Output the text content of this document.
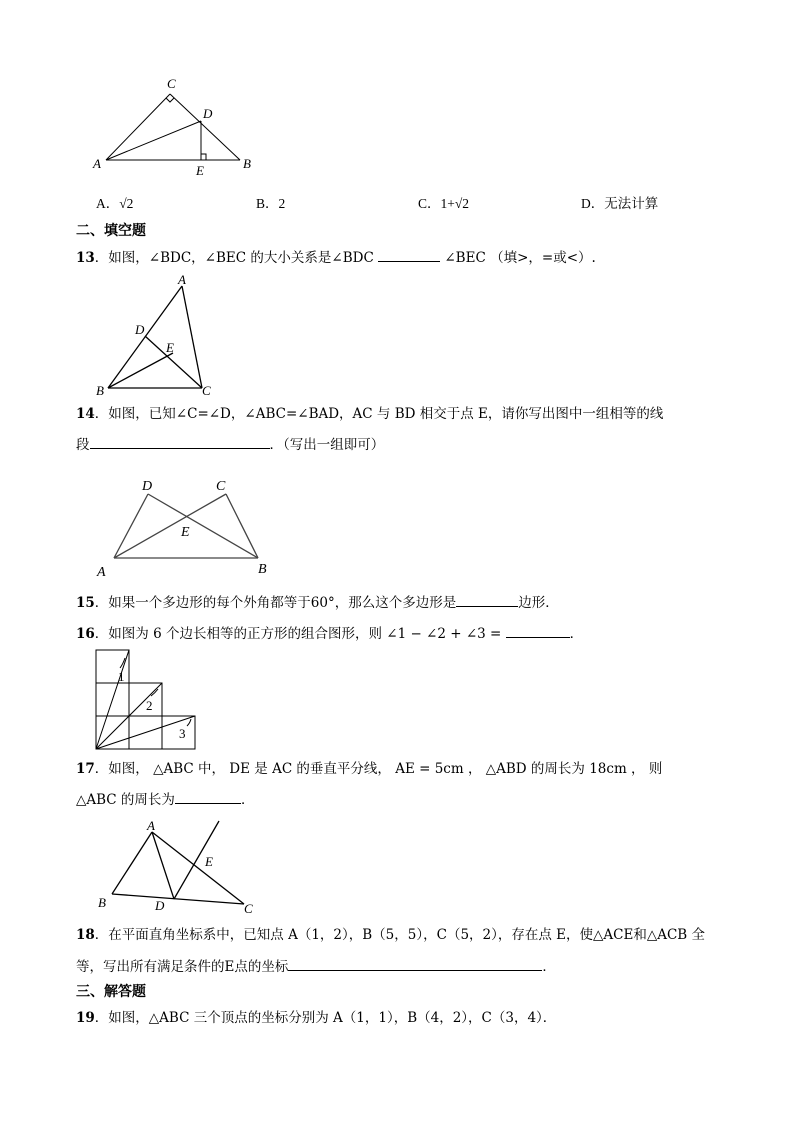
C
D
A	E	B
A．√2	B．2	C．1+√2	D．无法计算
二、填空题
13．如图，∠BDC，∠BEC 的大小关系是∠BDC	∠BEC （填>，=或<）.
A
D
E
B	C
14．如图，已知∠C=∠D，∠ABC=∠BAD，AC 与 BD 相交于点 E，请你写出图中一组相等的线
段	．（写出一组即可）
D	C
E
A	B
15．如果一个多边形的每个外角都等于60°，那么这个多边形是	边形．
16．如图为 6 个边长相等的正方形的组合图形，则 ∠1 − ∠2 + ∠3 =	．
1
2
3
17．如图， △ABC 中， DE 是 AC 的垂直平分线， AE = 5cm ， △ABD 的周长为 18cm ， 则
△ABC 的周长为	．
A
E
B	D	C
18．在平面直角坐标系中，已知点 A（1，2），B（5，5），C（5，2），存在点 E，使△ACE和△ACB 全
等，写出所有满足条件的E点的坐标	．
三、解答题
19．如图，△ABC 三个顶点的坐标分别为 A（1，1），B（4，2），C（3，4）．
